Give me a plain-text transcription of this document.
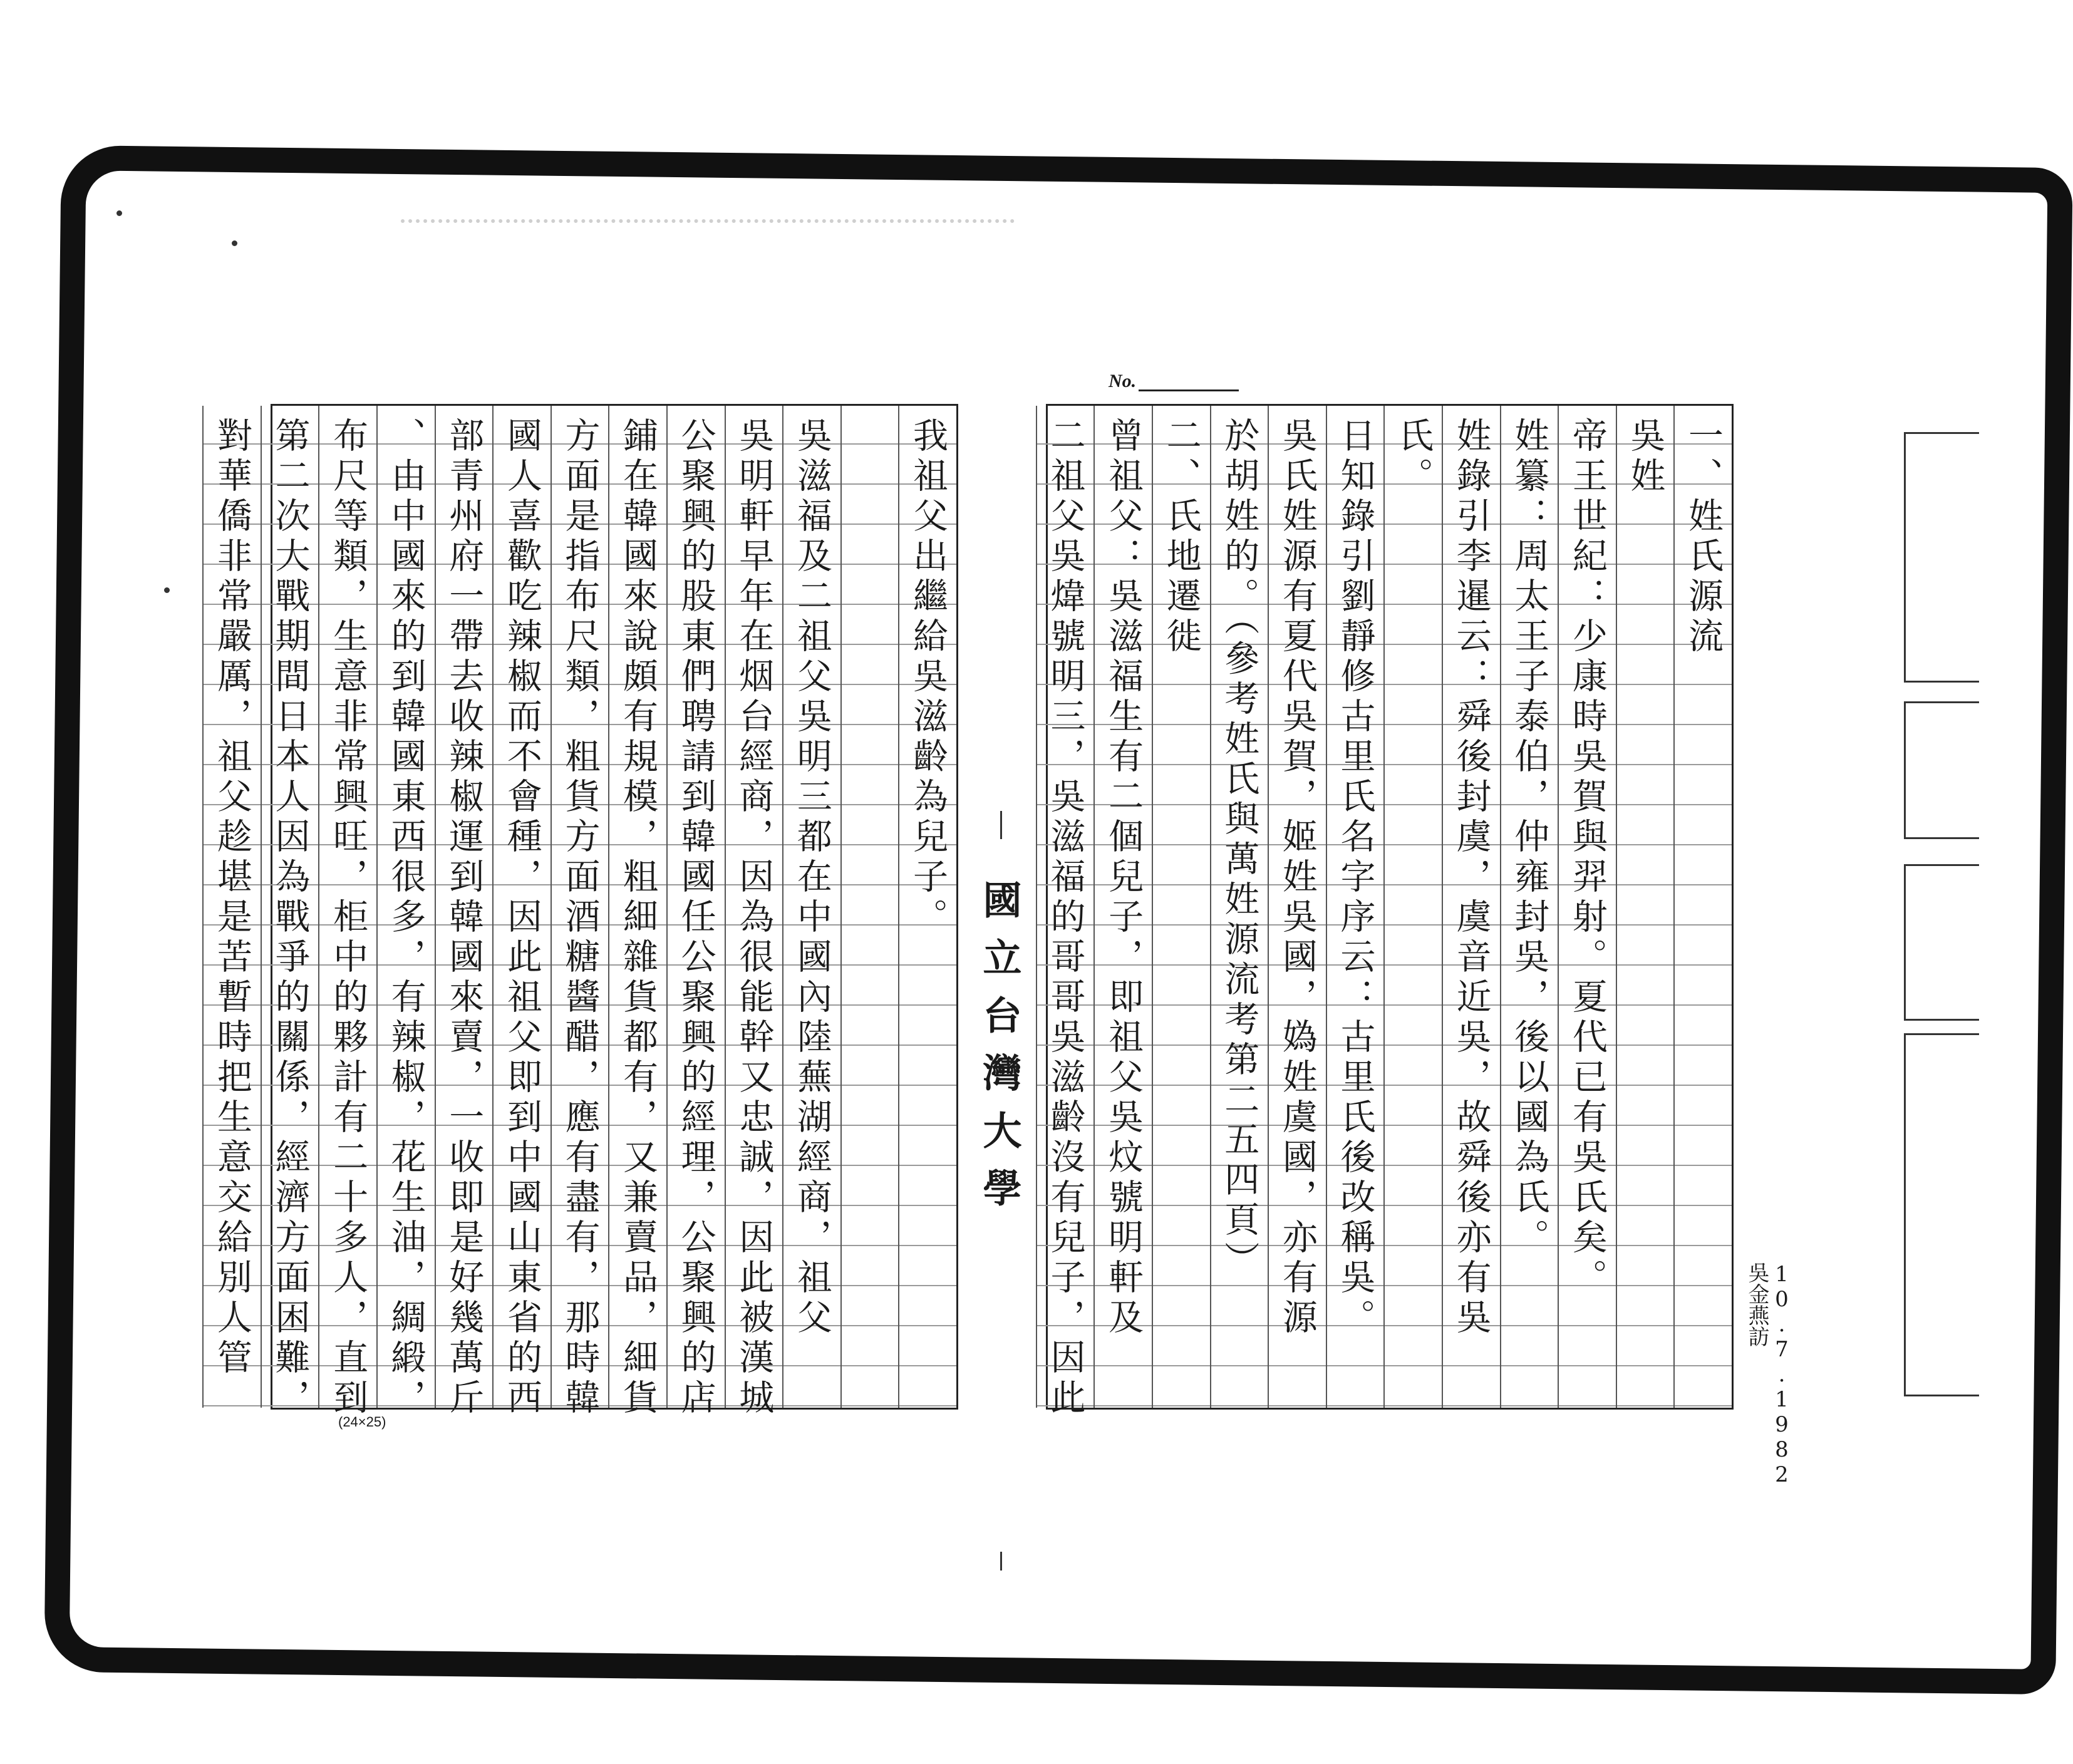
No.
一、姓氏源流
吳姓
帝王世紀：少康時吳賀與羿射。夏代已有吳氏矣。
姓纂：周太王子泰伯，仲雍封吳，後以國為氏。
姓錄引李暹云：舜後封虞，虞音近吳，故舜後亦有吳
氏。
日知錄引劉靜修古里氏名字序云：古里氏後改稱吳。
吳氏姓源有夏代吳賀，姬姓吳國，媯姓虞國，亦有源
於胡姓的。（參考姓氏與萬姓源流考第二五四頁）
二、氏地遷徙
曾祖父：吳滋福生有二個兒子，即祖父吳炆號明軒及
二祖父吳煒號明三，吳滋福的哥哥吳滋齡沒有兒子，因此
國立台灣大學
我祖父出繼給吳滋齡為兒子。
吳滋福及二祖父吳明三都在中國內陸蕪湖經商，祖父
吳明軒早年在烟台經商，因為很能幹又忠誠，因此被漢城
公聚興的股東們聘請到韓國任公聚興的經理，公聚興的店
鋪在韓國來說頗有規模，粗細雜貨都有，又兼賣品，細貨
方面是指布尺類，粗貨方面酒糖醬醋，應有盡有，那時韓
國人喜歡吃辣椒而不會種，因此祖父即到中國山東省的西
部青州府一帶去收辣椒運到韓國來賣，一收即是好幾萬斤
、由中國來的到韓國東西很多，有辣椒，花生油，綢緞，
布尺等類，生意非常興旺，柜中的夥計有二十多人，直到
第二次大戰期間日本人因為戰爭的關係，經濟方面困難，
對華僑非常嚴厲，祖父趁堪是苦暫時把生意交給別人管
(24×25)	10.7.1982
吳金燕訪
